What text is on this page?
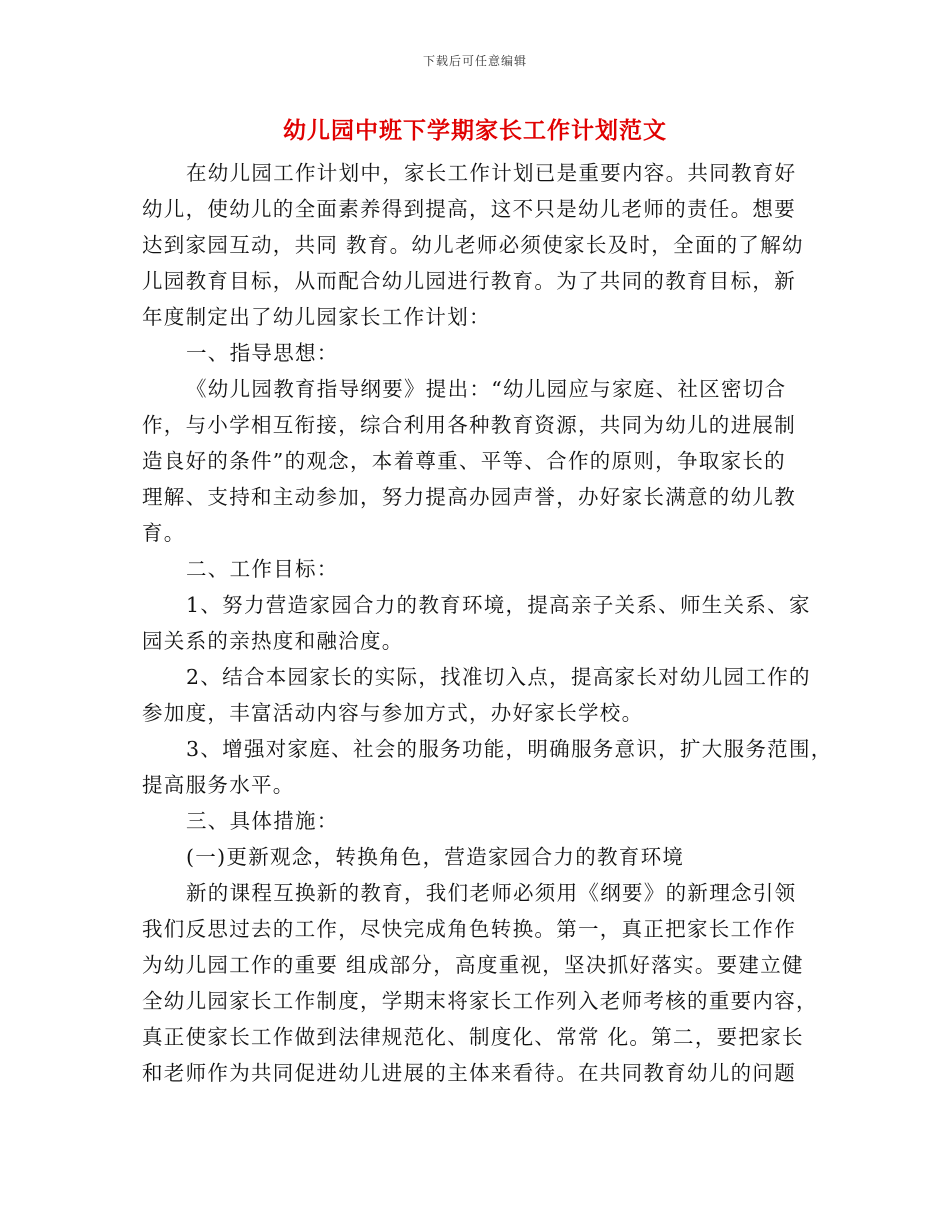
下载后可任意编辑
幼儿园中班下学期家长工作计划范文
在幼儿园工作计划中，家长工作计划已是重要内容。共同教育好
幼儿，使幼儿的全面素养得到提高，这不只是幼儿老师的责任。想要
达到家园互动，共同 教育。幼儿老师必须使家长及时，全面的了解幼
儿园教育目标，从而配合幼儿园进行教育。为了共同的教育目标，新
年度制定出了幼儿园家长工作计划：
一、指导思想：
《幼儿园教育指导纲要》提出：“幼儿园应与家庭、社区密切合
作，与小学相互衔接，综合利用各种教育资源，共同为幼儿的进展制
造良好的条件”的观念，本着尊重、平等、合作的原则，争取家长的
理解、支持和主动参加，努力提高办园声誉，办好家长满意的幼儿教
育。
二、工作目标：
1、努力营造家园合力的教育环境，提高亲子关系、师生关系、家
园关系的亲热度和融洽度。
2、结合本园家长的实际，找准切入点，提高家长对幼儿园工作的
参加度，丰富活动内容与参加方式，办好家长学校。
3、增强对家庭、社会的服务功能，明确服务意识，扩大服务范围，
提高服务水平。
三、具体措施：
(一)更新观念，转换角色，营造家园合力的教育环境
新的课程互换新的教育，我们老师必须用《纲要》的新理念引领
我们反思过去的工作，尽快完成角色转换。第一，真正把家长工作作
为幼儿园工作的重要 组成部分，高度重视，坚决抓好落实。要建立健
全幼儿园家长工作制度，学期末将家长工作列入老师考核的重要内容，
真正使家长工作做到法律规范化、制度化、常常 化。第二，要把家长
和老师作为共同促进幼儿进展的主体来看待。在共同教育幼儿的问题
